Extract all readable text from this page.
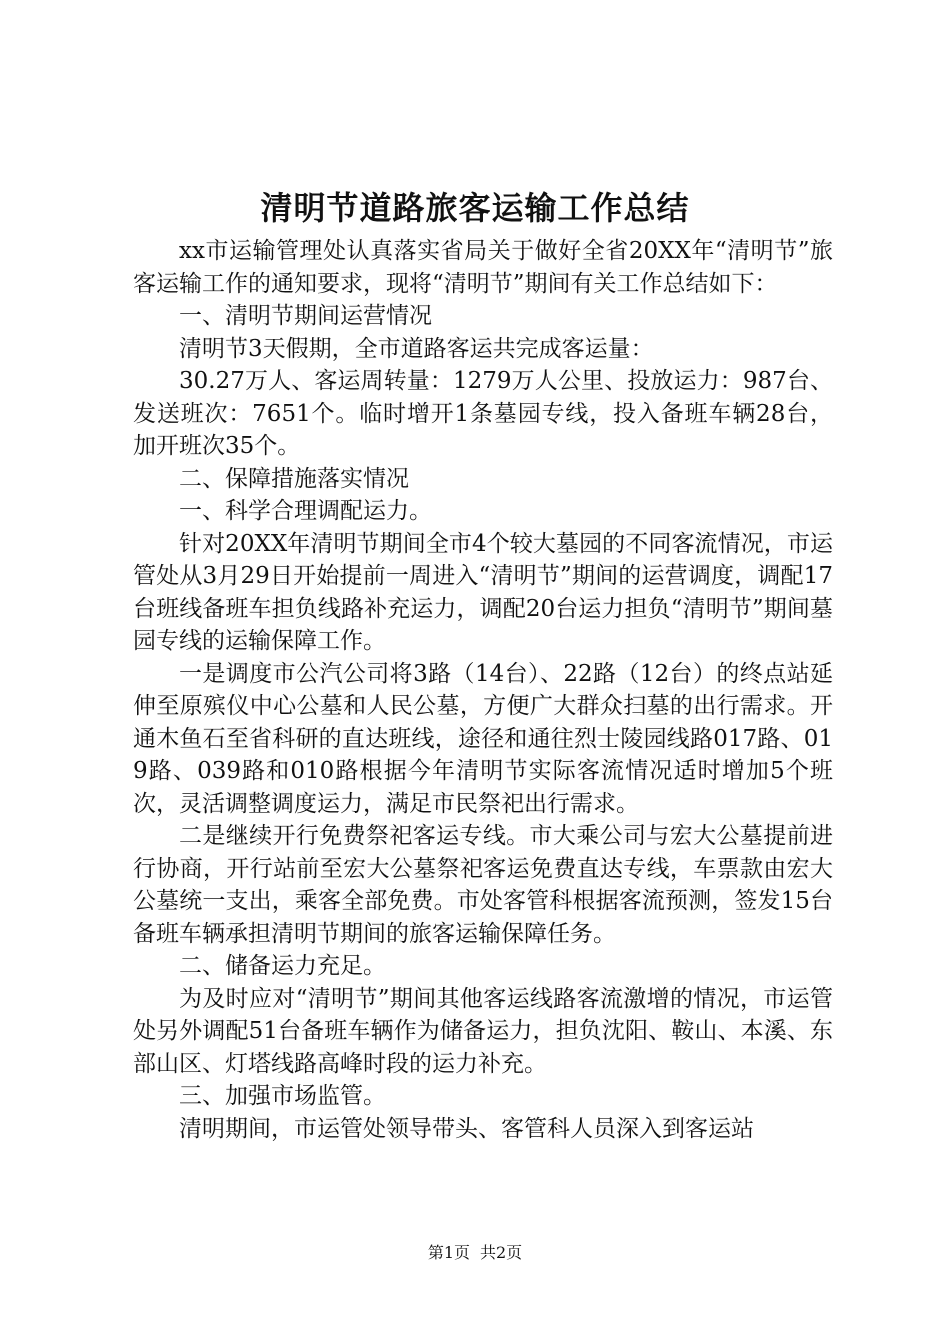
清明节道路旅客运输工作总结

xx市运输管理处认真落实省局关于做好全省20XX年“清明节”旅客运输工作的通知要求，现将“清明节”期间有关工作总结如下：

一、清明节期间运营情况

清明节3天假期，全市道路客运共完成客运量：

30.27万人、客运周转量：1279万人公里、投放运力：987台、发送班次：7651个。临时增开1条墓园专线，投入备班车辆28台，加开班次35个。

二、保障措施落实情况

一、科学合理调配运力。

针对20XX年清明节期间全市4个较大墓园的不同客流情况，市运管处从3月29日开始提前一周进入“清明节”期间的运营调度，调配17台班线备班车担负线路补充运力，调配20台运力担负“清明节”期间墓园专线的运输保障工作。

一是调度市公汽公司将3路（14台）、22路（12台）的终点站延伸至原殡仪中心公墓和人民公墓，方便广大群众扫墓的出行需求。开通木鱼石至省科研的直达班线，途径和通往烈士陵园线路017路、019路、039路和010路根据今年清明节实际客流情况适时增加5个班次，灵活调整调度运力，满足市民祭祀出行需求。

二是继续开行免费祭祀客运专线。市大乘公司与宏大公墓提前进行协商，开行站前至宏大公墓祭祀客运免费直达专线，车票款由宏大公墓统一支出，乘客全部免费。市处客管科根据客流预测，签发15台备班车辆承担清明节期间的旅客运输保障任务。

二、储备运力充足。

为及时应对“清明节”期间其他客运线路客流激增的情况，市运管处另外调配51台备班车辆作为储备运力，担负沈阳、鞍山、本溪、东部山区、灯塔线路高峰时段的运力补充。

三、加强市场监管。

清明期间，市运管处领导带头、客管科人员深入到客运站

第1页 共2页
